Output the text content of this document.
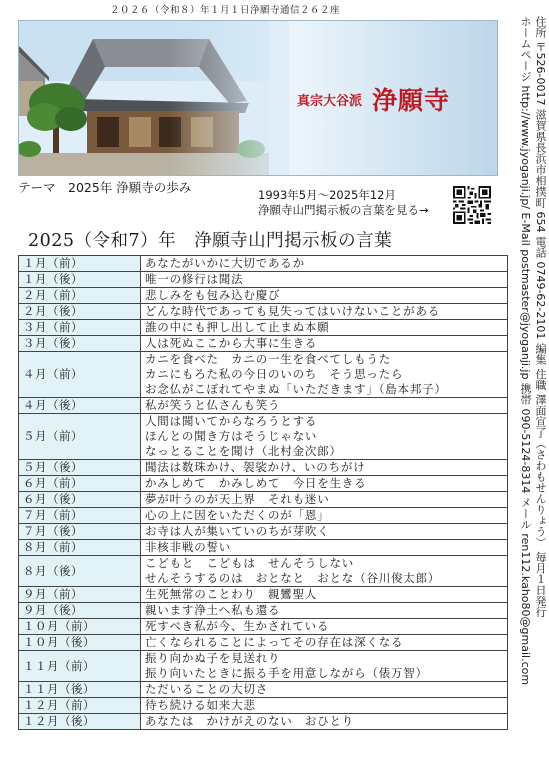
２０２６（令和８）年１月１日浄願寺通信２６２座
真宗大谷派 浄願寺
テーマ　2025年 浄願寺の歩み	1993年5月～2025年12月
浄願寺山門掲示板の言葉を見る→
2025（令和7）年　浄願寺山門掲示板の言葉
１月（前）	あなたがいかに大切であるか

１月（後）	唯一の修行は聞法

２月（前）	悲しみをも包み込む慶び

２月（後）	どんな時代であっても見失ってはいけないことがある

３月（前）	誰の中にも押し出して止まぬ本願

３月（後）	人は死ぬここから大事に生きる

４月（前）	カニを食べた　カニの一生を食べてしもうた
カニにもろた私の今日のいのち　そう思ったら
お念仏がこぼれてやまぬ「いただきます」（島本邦子）

４月（後）	私が笑うと仏さんも笑う

５月（前）	人間は聞いてからなろうとする
ほんとの聞き方はそうじゃない
なっとることを聞け（北村金次郎）

５月（後）	聞法は数珠かけ、袈裟かけ、いのちがけ

６月（前）	かみしめて　かみしめて　今日を生きる

６月（後）	夢が叶うのが天上界　それも迷い

７月（前）	心の上に因をいただくのが「恩」

７月（後）	お寺は人が集いていのちが芽吹く

８月（前）	非核非戦の誓い

８月（後）	こどもと　こどもは　せんそうしない
せんそうするのは　おとなと　おとな（谷川俊太郎）

９月（前）	生死無常のことわり　親鸞聖人

９月（後）	親います浄土へ私も還る

１０月（前）	死すべき私が今、生かされている

１０月（後）	亡くなられることによってその存在は深くなる

１１月（前）	振り向かぬ子を見送れり
振り向いたときに振る手を用意しながら（俵万智）

１１月（後）	ただいることの大切さ

１２月（前）	待ち続ける如来大悲

１２月（後）	あなたは　かけがえのない　おひとり
住所 〒526-0017 滋賀県長浜市相撲町 654 電話 0749-62-2101 編集 住職 澤面宣了（さわもせんりょう） 毎月１日発行
ホームページ http://www.jyoganji.jp/ E-Mail postmaster@jyoganji.jp 携帯 090-5124-8314 メール ren112.kaho80@gmail.com
